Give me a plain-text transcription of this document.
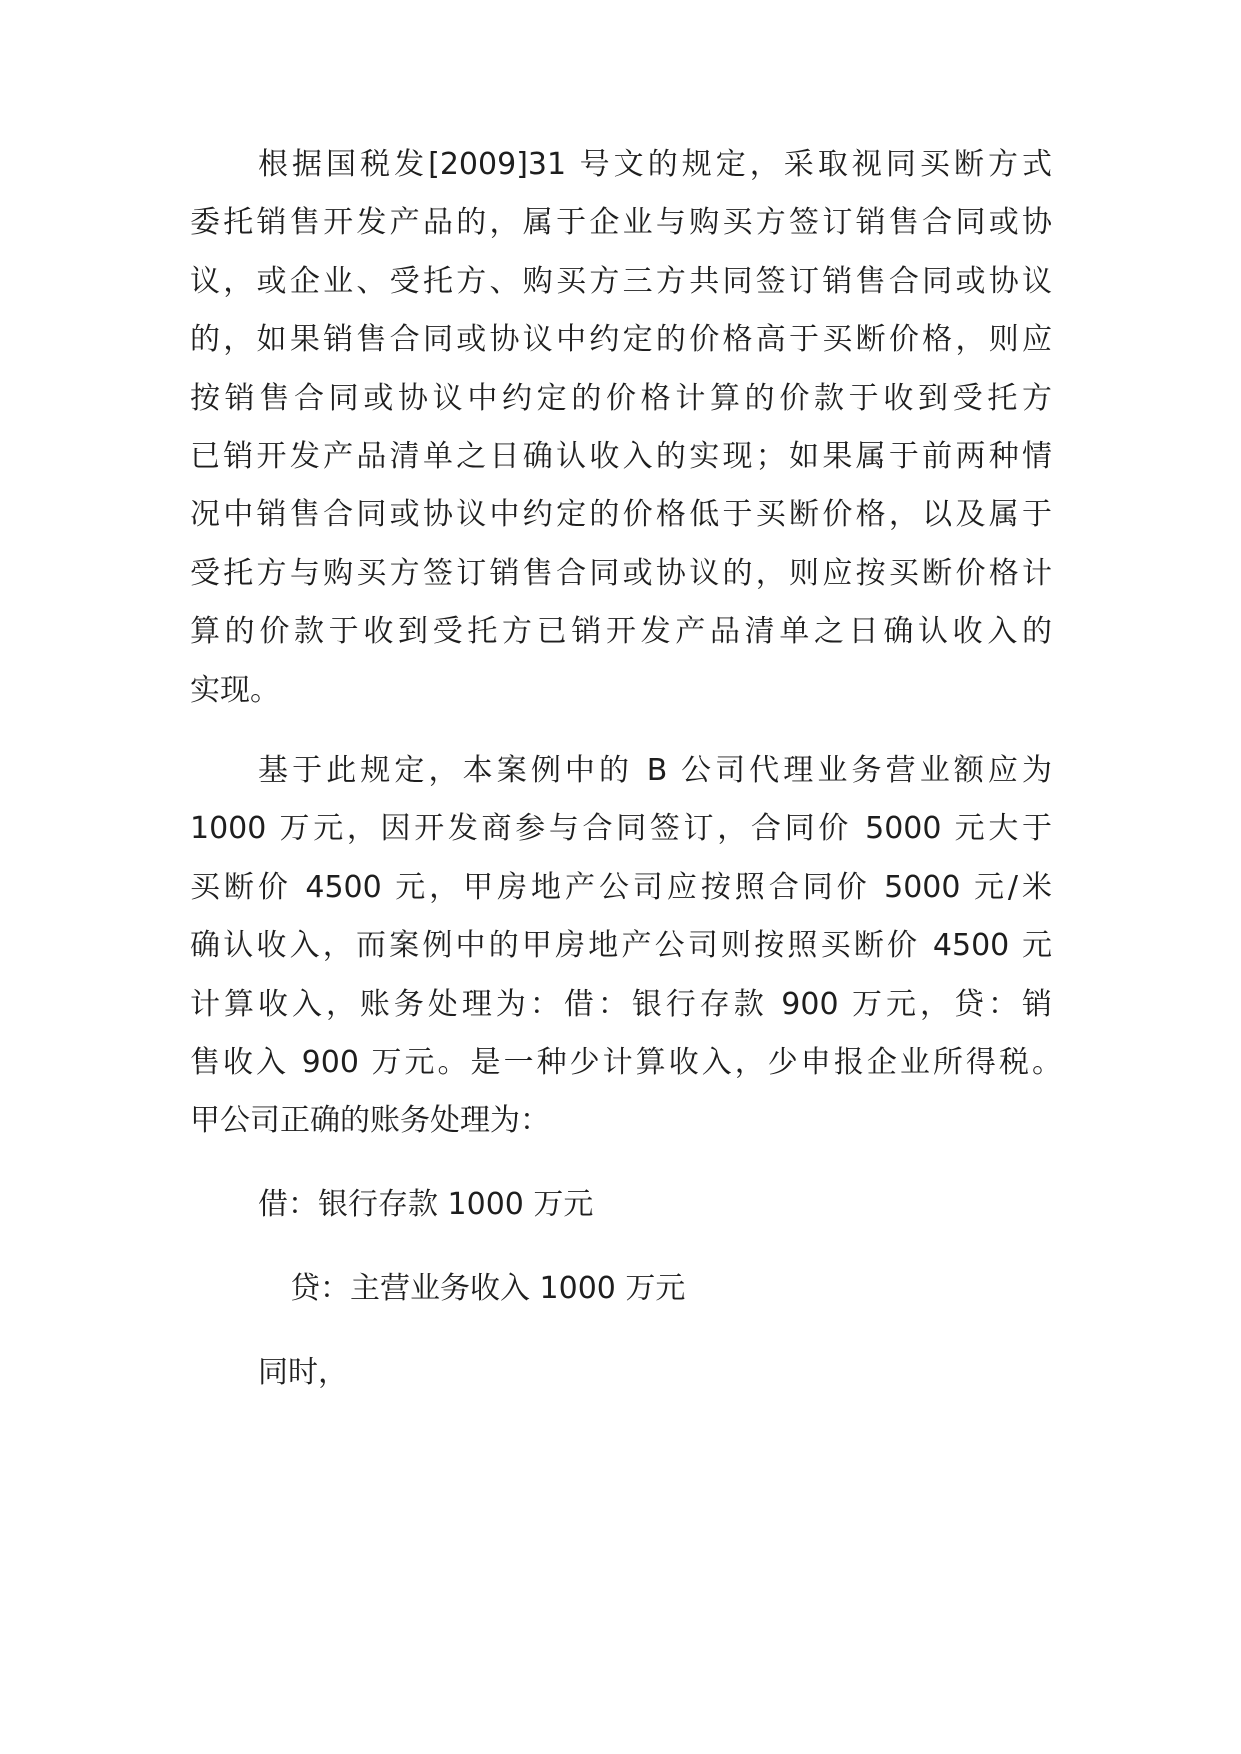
根据国税发[2009]31 号文的规定，采取视同买断方式
委托销售开发产品的，属于企业与购买方签订销售合同或协
议，或企业、受托方、购买方三方共同签订销售合同或协议
的，如果销售合同或协议中约定的价格高于买断价格，则应
按销售合同或协议中约定的价格计算的价款于收到受托方
已销开发产品清单之日确认收入的实现；如果属于前两种情
况中销售合同或协议中约定的价格低于买断价格，以及属于
受托方与购买方签订销售合同或协议的，则应按买断价格计
算的价款于收到受托方已销开发产品清单之日确认收入的
实现。
基于此规定，本案例中的 B 公司代理业务营业额应为
1000 万元，因开发商参与合同签订，合同价 5000 元大于
买断价 4500 元，甲房地产公司应按照合同价 5000 元/米
确认收入，而案例中的甲房地产公司则按照买断价 4500 元
计算收入，账务处理为：借：银行存款 900 万元，贷：销
售收入 900 万元。是一种少计算收入，少申报企业所得税。
甲公司正确的账务处理为：
借：银行存款 1000 万元
贷：主营业务收入 1000 万元
同时，
